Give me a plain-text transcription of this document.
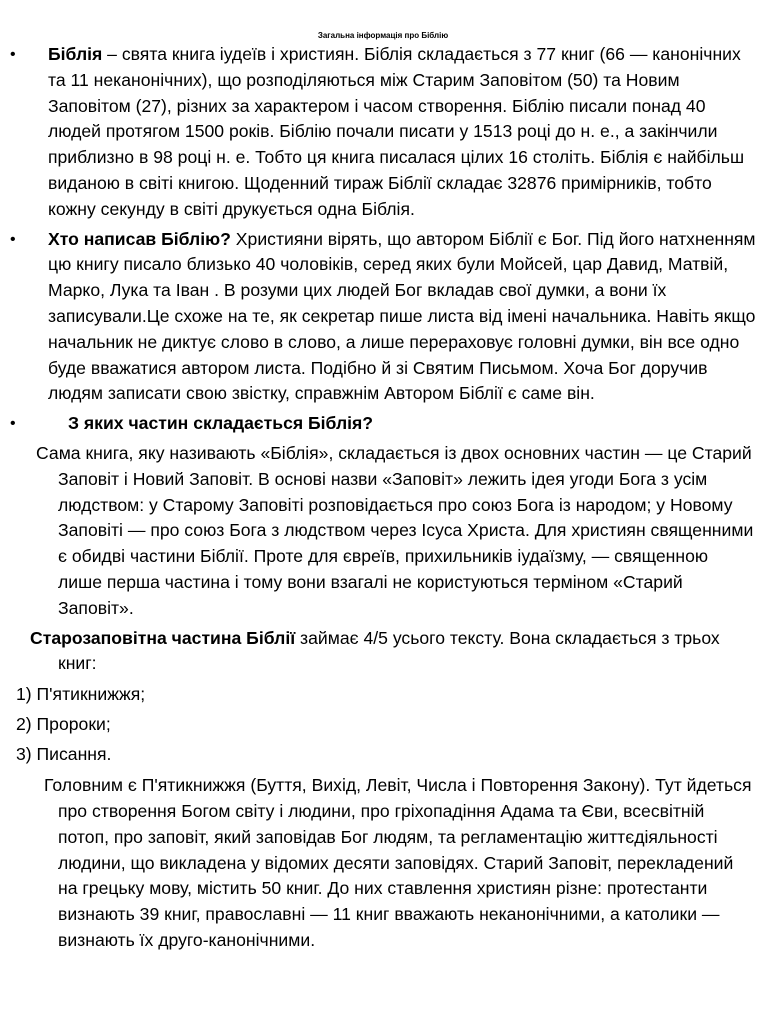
Загальна інформація про Біблію

•	Біблія – свята книга іудеїв і християн. Біблія складається з 77 книг (66 — канонічних та 11 неканонічних), що розподіляються між Старим Заповітом (50) та Новим Заповітом (27), різних за характером і часом створення. Біблію писали понад 40 людей протягом 1500 років. Біблію почали писати у 1513 році до н. е., а закінчили приблизно в 98 році н. е. Тобто ця книга писалася цілих 16 століть. Біблія є найбільш виданою в світі книгою. Щоденний тираж Біблії складає 32876 примірників, тобто кожну секунду в світі друкується одна Біблія.

•	Хто написав Біблію? Християни вірять, що автором Біблії є Бог. Під його натхненням цю книгу писало близько 40 чоловіків, серед яких були Мойсей, цар Давид, Матвій, Марко, Лука та Іван . В розуми цих людей Бог вкладав свої думки, а вони їх записували.Це схоже на те, як секретар пише листа від імені начальника. Навіть якщо начальник не диктує слово в слово, а лише перераховує головні думки, він все одно буде вважатися автором листа. Подібно й зі Святим Письмом. Хоча Бог доручив людям записати свою звістку, справжнім Автором Біблії є саме він.

•	З яких частин складається Біблія?

Сама книга, яку називають «Біблія», складається із двох основних частин — це Старий Заповіт і Новий Заповіт. В основі назви «Заповіт» лежить ідея угоди Бога з усім людством: у Старому Заповіті розповідається про союз Бога із народом; у Новому Заповіті — про союз Бога з людством через Ісуса Христа. Для християн священними є обидві частини Біблії. Проте для євреїв, прихильників іудаїзму, — священною лише перша частина і тому вони взагалі не користуються терміном «Старий Заповіт».

Старозаповітна частина Біблії займає 4/5 усього тексту. Вона складається з трьох книг:

1) П'ятикнижжя;

2) Пророки;

3) Писання.

Головним є П'ятикнижжя (Буття, Вихід, Левіт, Числа і Повторення Закону). Тут йдеться про створення Богом світу і людини, про гріхопадіння Адама та Єви, всесвітній потоп, про заповіт, який заповідав Бог людям, та регламентацію життєдіяльності людини, що викладена у відомих десяти заповідях. Старий Заповіт, перекладений на грецьку мову, містить 50 книг. До них ставлення християн різне: протестанти визнають 39 книг, православні — 11 книг вважають неканонічними, а католики — визнають їх друго-канонічними.
